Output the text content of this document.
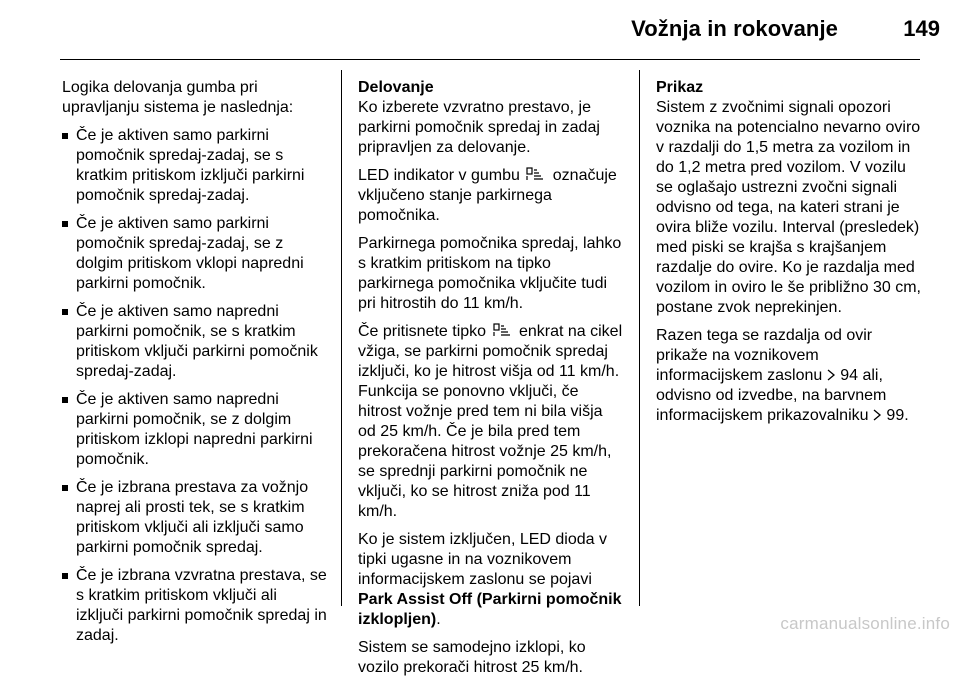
Vožnja in rokovanje	149

Logika delovanja gumba pri upravljanju sistema je naslednja:

Če je aktiven samo parkirni pomočnik spredaj-zadaj, se s kratkim pritiskom izključi parkirni pomočnik spredaj-zadaj.
Če je aktiven samo parkirni pomočnik spredaj-zadaj, se z dolgim pritiskom vklopi napredni parkirni pomočnik.
Če je aktiven samo napredni parkirni pomočnik, se s kratkim pritiskom vključi parkirni pomočnik spredaj-zadaj.
Če je aktiven samo napredni parkirni pomočnik, se z dolgim pritiskom izklopi napredni parkirni pomočnik.
Če je izbrana prestava za vožnjo naprej ali prosti tek, se s kratkim pritiskom vključi ali izključi samo parkirni pomočnik spredaj.
Če je izbrana vzvratna prestava, se s kratkim pritiskom vključi ali izključi parkirni pomočnik spredaj in zadaj.
Delovanje

Ko izberete vzvratno prestavo, je parkirni pomočnik spredaj in zadaj pripravljen za delovanje.

LED indikator v gumbu označuje vključeno stanje parkirnega pomočnika.

Parkirnega pomočnika spredaj, lahko s kratkim pritiskom na tipko parkirnega pomočnika vključite tudi pri hitrostih do 11 km/h.

Če pritisnete tipko enkrat na cikel vžiga, se parkirni pomočnik spredaj izključi, ko je hitrost višja od 11 km/h. Funkcija se ponovno vključi, če hitrost vožnje pred tem ni bila višja od 25 km/h. Če je bila pred tem prekoračena hitrost vožnje 25 km/h, se sprednji parkirni pomočnik ne vključi, ko se hitrost zniža pod 11 km/h.

Ko je sistem izključen, LED dioda v tipki ugasne in na voznikovem informacijskem zaslonu se pojavi Park Assist Off (Parkirni pomočnik izklopljen).

Sistem se samodejno izklopi, ko vozilo prekorači hitrost 25 km/h.

Prikaz

Sistem z zvočnimi signali opozori voznika na potencialno nevarno oviro v razdalji do 1,5 metra za vozilom in do 1,2 metra pred vozilom. V vozilu se oglašajo ustrezni zvočni signali odvisno od tega, na kateri strani je ovira bliže vozilu. Interval (presledek) med piski se krajša s krajšanjem razdalje do ovire. Ko je razdalja med vozilom in oviro le še približno 30 cm, postane zvok neprekinjen.

Razen tega se razdalja od ovir prikaže na voznikovem informacijskem zaslonu 94 ali, odvisno od izvedbe, na barvnem informacijskem prikazovalniku 99.

carmanualsonline.info
